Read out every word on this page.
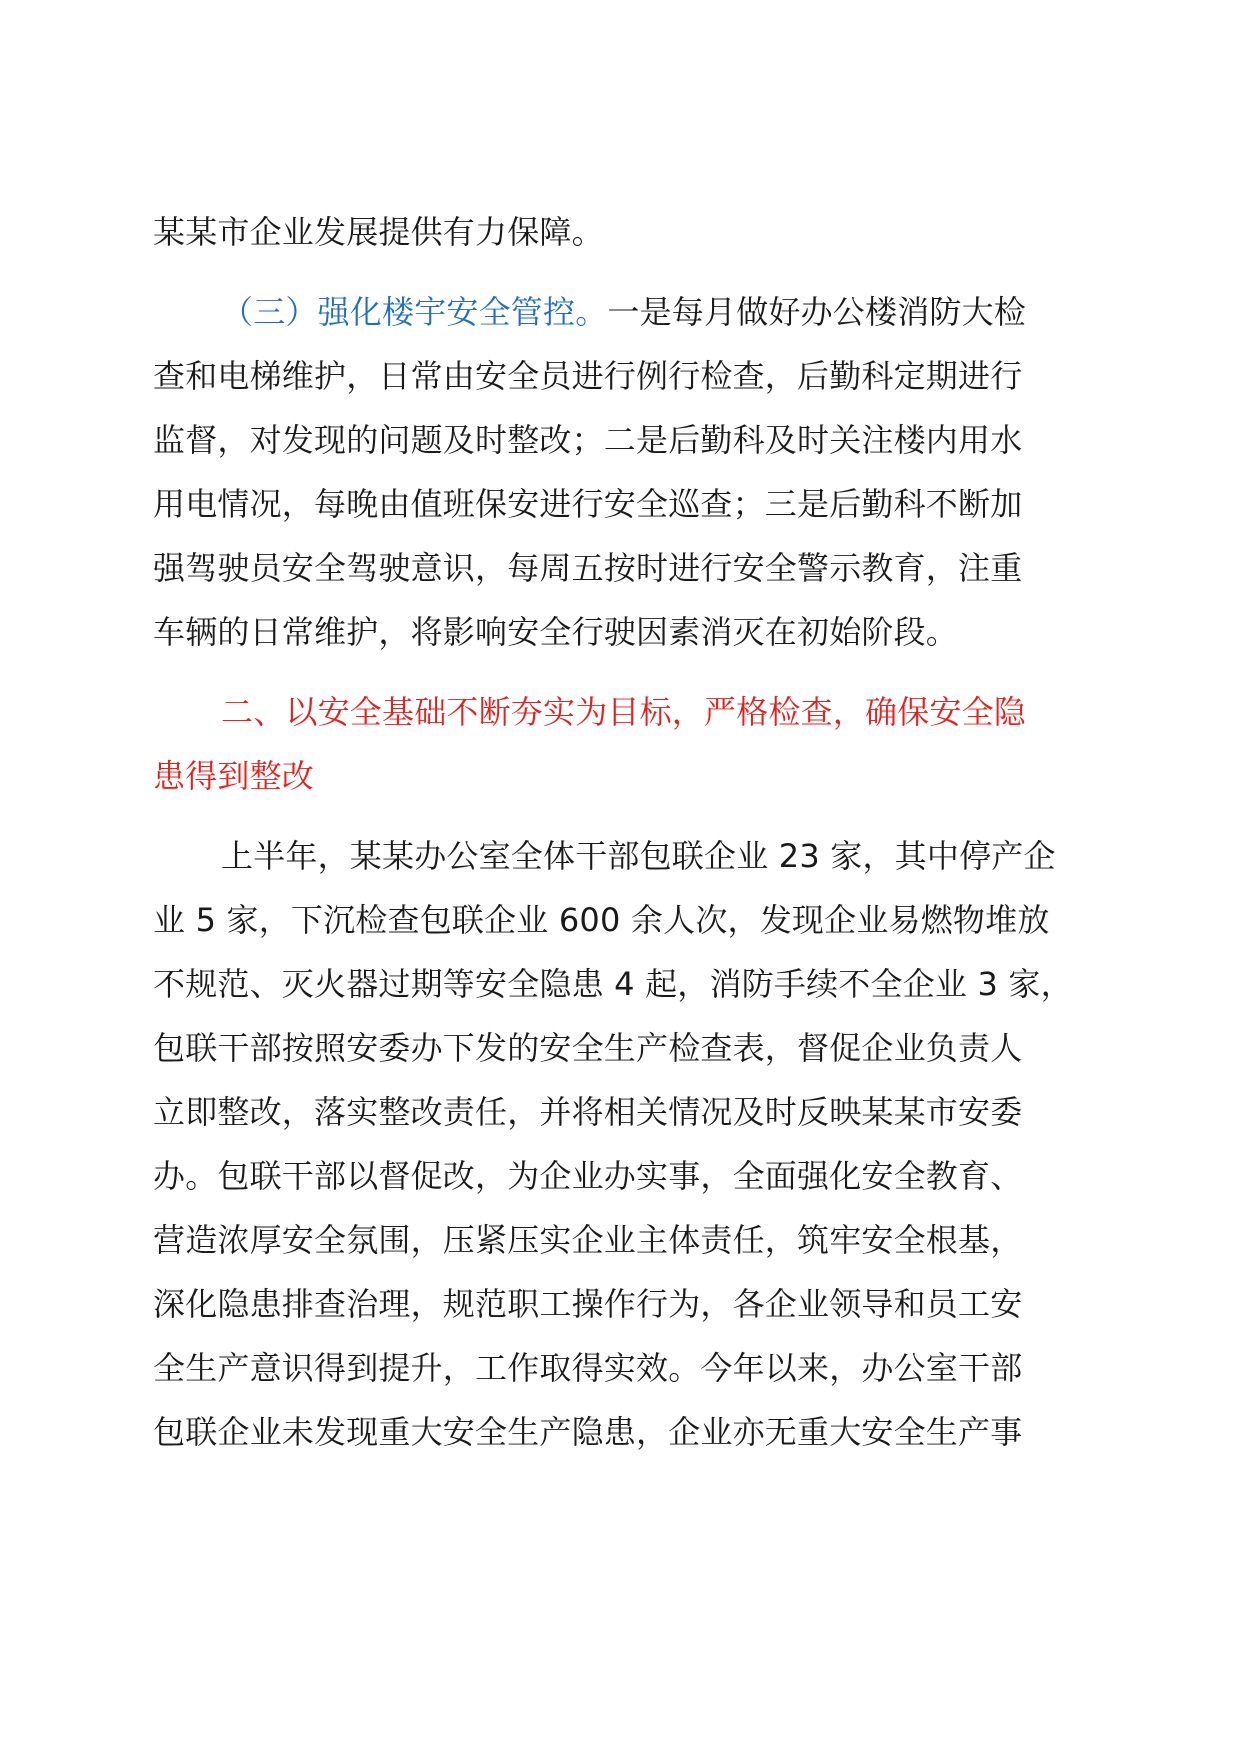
某某市企业发展提供有力保障。
（三）强化楼宇安全管控。一是每月做好办公楼消防大检
查和电梯维护，日常由安全员进行例行检查，后勤科定期进行
监督，对发现的问题及时整改；二是后勤科及时关注楼内用水
用电情况，每晚由值班保安进行安全巡查；三是后勤科不断加
强驾驶员安全驾驶意识，每周五按时进行安全警示教育，注重
车辆的日常维护，将影响安全行驶因素消灭在初始阶段。
二、以安全基础不断夯实为目标，严格检查，确保安全隐
患得到整改
上半年，某某办公室全体干部包联企业 23 家，其中停产企
业 5 家，下沉检查包联企业 600 余人次，发现企业易燃物堆放
不规范、灭火器过期等安全隐患 4 起，消防手续不全企业 3 家，
包联干部按照安委办下发的安全生产检查表，督促企业负责人
立即整改，落实整改责任，并将相关情况及时反映某某市安委
办。包联干部以督促改，为企业办实事，全面强化安全教育、
营造浓厚安全氛围，压紧压实企业主体责任，筑牢安全根基，
深化隐患排查治理，规范职工操作行为，各企业领导和员工安
全生产意识得到提升，工作取得实效。今年以来，办公室干部
包联企业未发现重大安全生产隐患，企业亦无重大安全生产事
